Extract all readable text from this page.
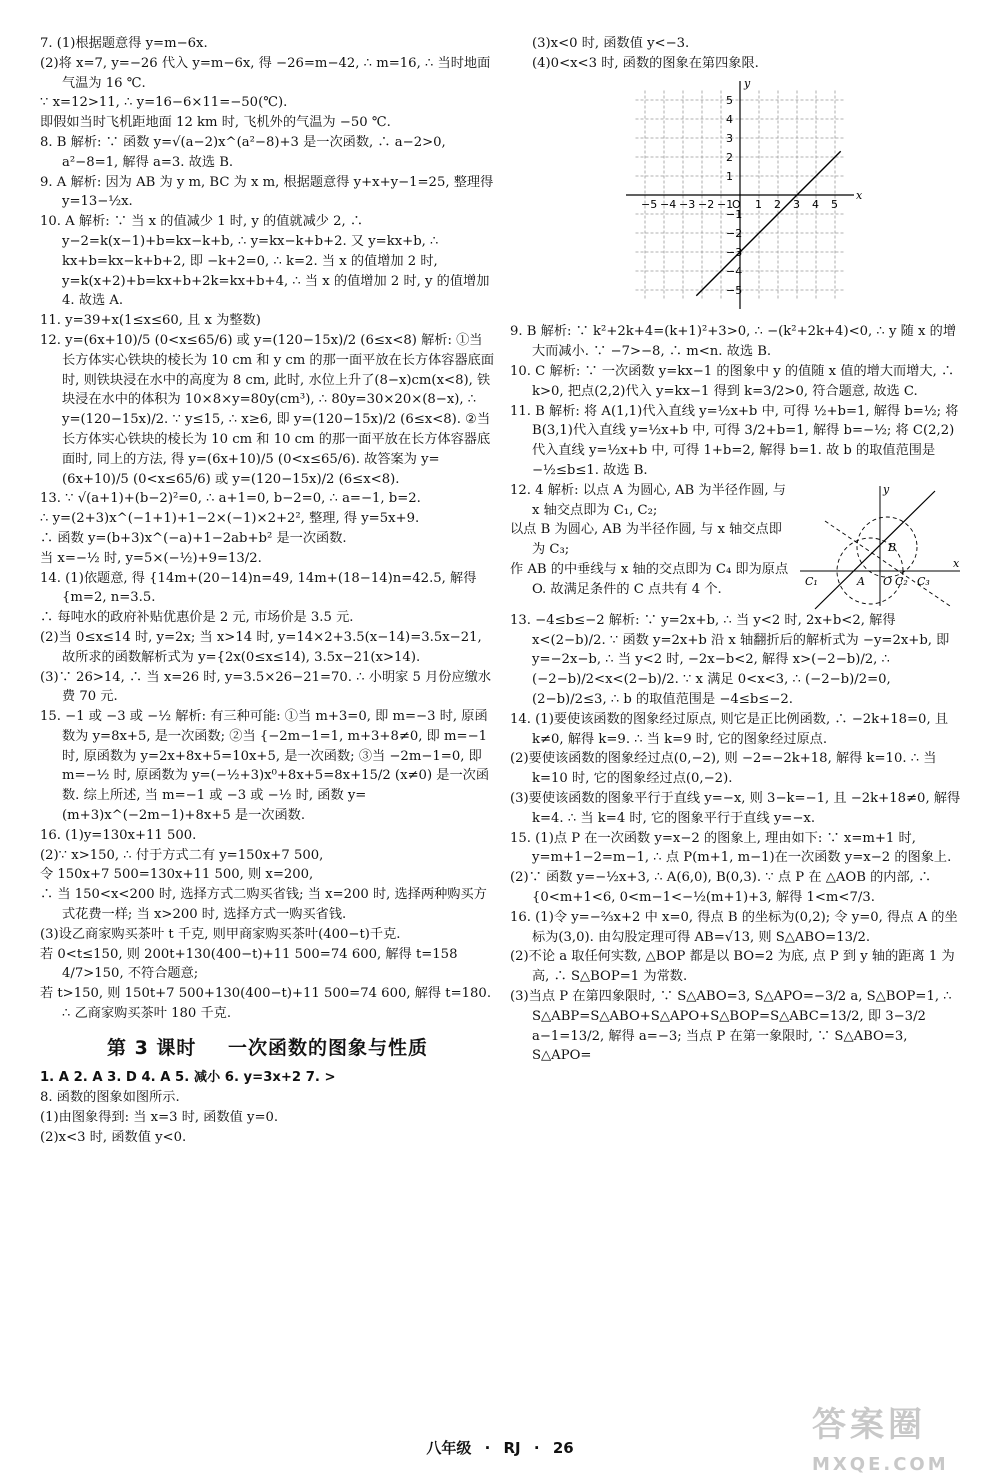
7. (1)根据题意得 y=m−6x.
(2)将 x=7, y=−26 代入 y=m−6x, 得 −26=m−42, ∴ m=16, ∴ 当时地面气温为 16 ℃.
∵ x=12>11, ∴ y=16−6×11=−50(℃).
即假如当时飞机距地面 12 km 时, 飞机外的气温为 −50 ℃.

8. B 解析: ∵ 函数 y=√(a−2)x^(a²−8)+3 是一次函数, ∴ a−2>0, a²−8=1, 解得 a=3. 故选 B.

9. A 解析: 因为 AB 为 y m, BC 为 x m, 根据题意得 y+x+y−1=25, 整理得 y=13−½x.

10. A 解析: ∵ 当 x 的值减少 1 时, y 的值就减少 2, ∴ y−2=k(x−1)+b=kx−k+b, ∴ y=kx−k+b+2. 又 y=kx+b, ∴ kx+b=kx−k+b+2, 即 −k+2=0, ∴ k=2. 当 x 的值增加 2 时, y=k(x+2)+b=kx+b+2k=kx+b+4, ∴ 当 x 的值增加 2 时, y 的值增加 4. 故选 A.

11. y=39+x(1≤x≤60, 且 x 为整数)

12. y=(6x+10)/5 (0<x≤65/6) 或 y=(120−15x)/2 (6≤x<8) 解析: ①当长方体实心铁块的棱长为 10 cm 和 y cm 的那一面平放在长方体容器底面时, 则铁块浸在水中的高度为 8 cm, 此时, 水位上升了(8−x)cm(x<8), 铁块浸在水中的体积为 10×8×y=80y(cm³), ∴ 80y=30×20×(8−x), ∴ y=(120−15x)/2. ∵ y≤15, ∴ x≥6, 即 y=(120−15x)/2 (6≤x<8). ②当长方体实心铁块的棱长为 10 cm 和 10 cm 的那一面平放在长方体容器底面时, 同上的方法, 得 y=(6x+10)/5 (0<x≤65/6). 故答案为 y=(6x+10)/5 (0<x≤65/6) 或 y=(120−15x)/2 (6≤x<8).

13. ∵ √(a+1)+(b−2)²=0, ∴ a+1=0, b−2=0, ∴ a=−1, b=2.
∴ y=(2+3)x^(−1+1)+1−2×(−1)×2+2², 整理, 得 y=5x+9.
∴ 函数 y=(b+3)x^(−a)+1−2ab+b² 是一次函数.
当 x=−½ 时, y=5×(−½)+9=13/2.

14. (1)依题意, 得 {14m+(20−14)n=49, 14m+(18−14)n=42.5, 解得 {m=2, n=3.5.
∴ 每吨水的政府补贴优惠价是 2 元, 市场价是 3.5 元.
(2)当 0≤x≤14 时, y=2x; 当 x>14 时, y=14×2+3.5(x−14)=3.5x−21, 故所求的函数解析式为 y={2x(0≤x≤14), 3.5x−21(x>14).
(3)∵ 26>14, ∴ 当 x=26 时, y=3.5×26−21=70. ∴ 小明家 5 月份应缴水费 70 元.

15. −1 或 −3 或 −½ 解析: 有三种可能: ①当 m+3=0, 即 m=−3 时, 原函数为 y=8x+5, 是一次函数; ②当 {−2m−1=1, m+3+8≠0, 即 m=−1 时, 原函数为 y=2x+8x+5=10x+5, 是一次函数; ③当 −2m−1=0, 即 m=−½ 时, 原函数为 y=(−½+3)x⁰+8x+5=8x+15/2 (x≠0) 是一次函数. 综上所述, 当 m=−1 或 −3 或 −½ 时, 函数 y=(m+3)x^(−2m−1)+8x+5 是一次函数.

16. (1)y=130x+11 500.
(2)∵ x>150, ∴ 付于方式二有 y=150x+7 500,
令 150x+7 500=130x+11 500, 则 x=200,
∴ 当 150<x<200 时, 选择方式二购买省钱; 当 x=200 时, 选择两种购买方式花费一样; 当 x>200 时, 选择方式一购买省钱.
(3)设乙商家购买茶叶 t 千克, 则甲商家购买茶叶(400−t)千克.
若 0<t≤150, 则 200t+130(400−t)+11 500=74 600, 解得 t=158 4/7>150, 不符合题意;
若 t>150, 则 150t+7 500+130(400−t)+11 500=74 600, 解得 t=180. ∴ 乙商家购买茶叶 180 千克.

第 3 课时 一次函数的图象与性质

1. A 2. A 3. D 4. A 5. 减小 6. y=3x+2 7. >

8. 函数的图象如图所示.
(1)由图象得到: 当 x=3 时, 函数值 y=0.
(2)x<3 时, 函数值 y<0.

(3)x<0 时, 函数值 y<−3.
(4)0<x<3 时, 函数的图象在第四象限.

−5 −4 −3 −2 −1
O 1 2 3 4 5
5
4
3
2
1
−1
−2
−3
−4
−5
x
y

9. B 解析: ∵ k²+2k+4=(k+1)²+3>0, ∴ −(k²+2k+4)<0, ∴ y 随 x 的增大而减小. ∵ −7>−8, ∴ m<n. 故选 B.

10. C 解析: ∵ 一次函数 y=kx−1 的图象中 y 的值随 x 值的增大而增大, ∴ k>0, 把点(2,2)代入 y=kx−1 得到 k=3/2>0, 符合题意, 故选 C.

11. B 解析: 将 A(1,1)代入直线 y=½x+b 中, 可得 ½+b=1, 解得 b=½; 将 B(3,1)代入直线 y=½x+b 中, 可得 3/2+b=1, 解得 b=−½; 将 C(2,2)代入直线 y=½x+b 中, 可得 1+b=2, 解得 b=1. 故 b 的取值范围是 −½≤b≤1. 故选 B.

12. 4 解析: 以点 A 为圆心, AB 为半径作圆, 与 x 轴交点即为 C₁, C₂;
以点 B 为圆心, AB 为半径作圆, 与 x 轴交点即为 C₃;
作 AB 的中垂线与 x 轴的交点即为 C₄ 即为原点 O. 故满足条件的 C 点共有 4 个.

y
x
B
A O
C₁	C₂ C₃

13. −4≤b≤−2 解析: ∵ y=2x+b, ∴ 当 y<2 时, 2x+b<2, 解得 x<(2−b)/2. ∵ 函数 y=2x+b 沿 x 轴翻折后的解析式为 −y=2x+b, 即 y=−2x−b, ∴ 当 y<2 时, −2x−b<2, 解得 x>(−2−b)/2, ∴ (−2−b)/2<x<(2−b)/2. ∵ x 满足 0<x<3, ∴ (−2−b)/2=0, (2−b)/2≤3, ∴ b 的取值范围是 −4≤b≤−2.

14. (1)要使该函数的图象经过原点, 则它是正比例函数, ∴ −2k+18=0, 且 k≠0, 解得 k=9. ∴ 当 k=9 时, 它的图象经过原点.
(2)要使该函数的图象经过点(0,−2), 则 −2=−2k+18, 解得 k=10. ∴ 当 k=10 时, 它的图象经过点(0,−2).
(3)要使该函数的图象平行于直线 y=−x, 则 3−k=−1, 且 −2k+18≠0, 解得 k=4. ∴ 当 k=4 时, 它的图象平行于直线 y=−x.

15. (1)点 P 在一次函数 y=x−2 的图象上, 理由如下: ∵ x=m+1 时, y=m+1−2=m−1, ∴ 点 P(m+1, m−1)在一次函数 y=x−2 的图象上.
(2)∵ 函数 y=−½x+3, ∴ A(6,0), B(0,3). ∵ 点 P 在 △AOB 的内部, ∴ {0<m+1<6, 0<m−1<−½(m+1)+3, 解得 1<m<7/3.

16. (1)令 y=−⅔x+2 中 x=0, 得点 B 的坐标为(0,2); 令 y=0, 得点 A 的坐标为(3,0). 由勾股定理可得 AB=√13, 则 S△ABO=13/2.
(2)不论 a 取任何实数, △BOP 都是以 BO=2 为底, 点 P 到 y 轴的距离 1 为高, ∴ S△BOP=1 为常数.
(3)当点 P 在第四象限时, ∵ S△ABO=3, S△APO=−3/2 a, S△BOP=1, ∴ S△ABP=S△ABO+S△APO+S△BOP=S△ABC=13/2, 即 3−3/2 a−1=13/2, 解得 a=−3; 当点 P 在第一象限时, ∵ S△ABO=3, S△APO=

八年级 · RJ · 26
答案圈
MXQE.COM
